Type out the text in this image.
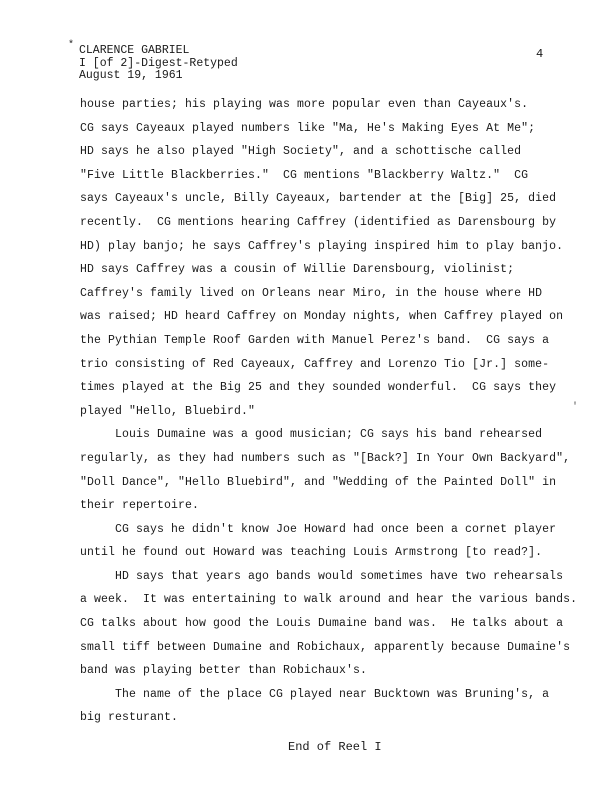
* CLARENCE GABRIEL
I [of 2]-Digest-Retyped
August 19, 1961
4
house parties; his playing was more popular even than Cayeaux's.
CG says Cayeaux played numbers like "Ma, He's Making Eyes At Me";
HD says he also played "High Society", and a schottische called
"Five Little Blackberries."  CG mentions "Blackberry Waltz."  CG
says Cayeaux's uncle, Billy Cayeaux, bartender at the [Big] 25, died
recently.  CG mentions hearing Caffrey (identified as Darensbourg by
HD) play banjo; he says Caffrey's playing inspired him to play banjo.
HD says Caffrey was a cousin of Willie Darensbourg, violinist;
Caffrey's family lived on Orleans near Miro, in the house where HD
was raised; HD heard Caffrey on Monday nights, when Caffrey played on
the Pythian Temple Roof Garden with Manuel Perez's band.  CG says a
trio consisting of Red Cayeaux, Caffrey and Lorenzo Tio [Jr.] some-
times played at the Big 25 and they sounded wonderful.  CG says they
played "Hello, Bluebird."
Louis Dumaine was a good musician; CG says his band rehearsed
regularly, as they had numbers such as "[Back?] In Your Own Backyard",
"Doll Dance", "Hello Bluebird", and "Wedding of the Painted Doll" in
their repertoire.
CG says he didn't know Joe Howard had once been a cornet player
until he found out Howard was teaching Louis Armstrong [to read?].
HD says that years ago bands would sometimes have two rehearsals
a week.  It was entertaining to walk around and hear the various bands.
CG talks about how good the Louis Dumaine band was.  He talks about a
small tiff between Dumaine and Robichaux, apparently because Dumaine's
band was playing better than Robichaux's.
The name of the place CG played near Bucktown was Bruning's, a
big resturant.
'
End of Reel I
